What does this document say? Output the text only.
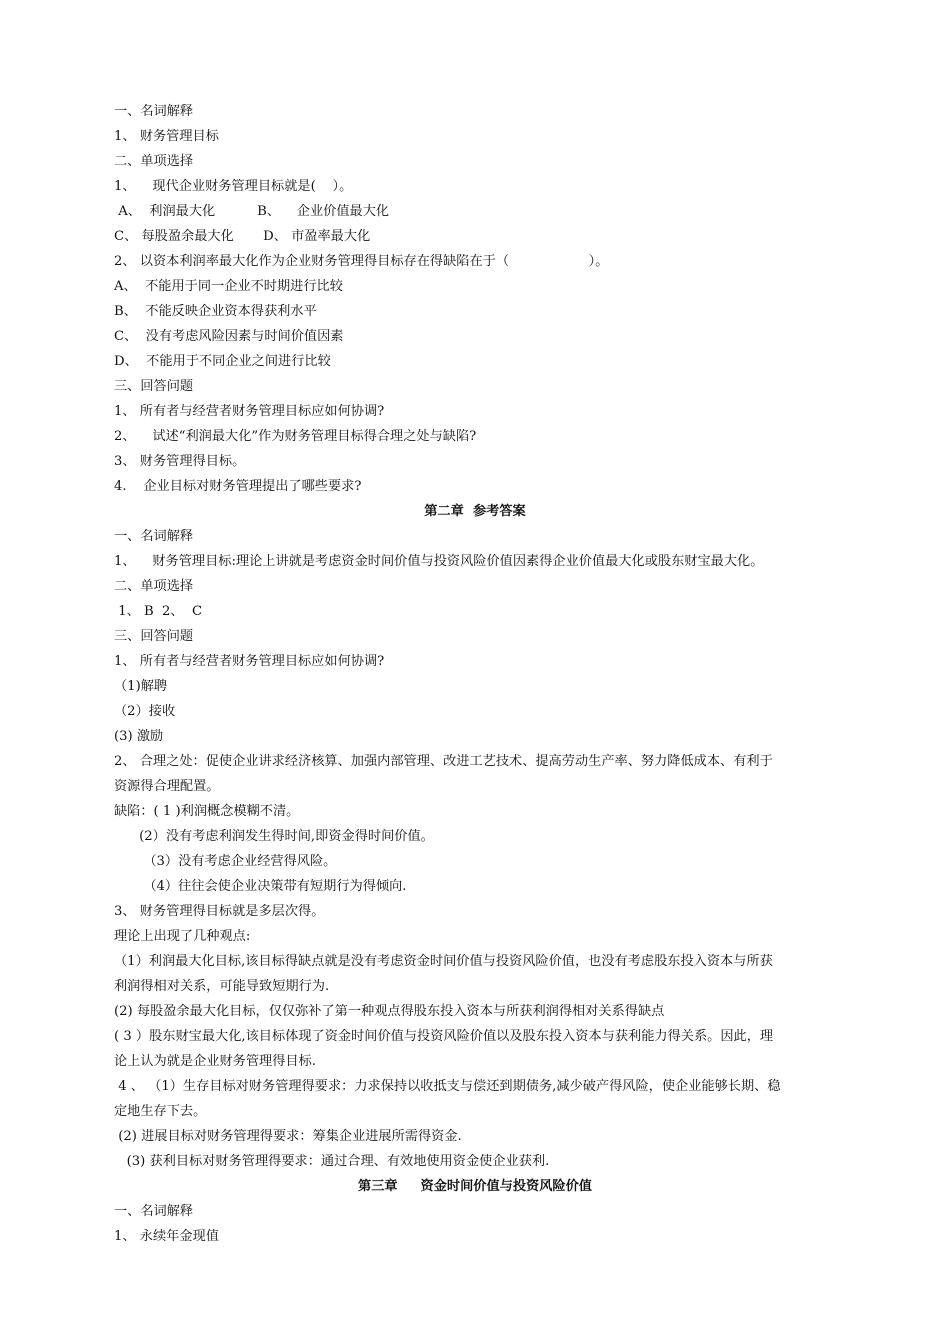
一、名词解释
1、 财务管理目标
二、单项选择
1、    现代企业财务管理目标就是(    ）。
A、  利润最大化          B、    企业价值最大化
C、 每股盈余最大化       D、 市盈率最大化
2、 以资本利润率最大化作为企业财务管理得目标存在得缺陷在于（                   ）。
A、  不能用于同一企业不时期进行比较
B、  不能反映企业资本得获利水平
C、  没有考虑风险因素与时间价值因素
D、  不能用于不同企业之间进行比较
三、回答问题
1、 所有者与经营者财务管理目标应如何协调?
2、    试述“利润最大化”作为财务管理目标得合理之处与缺陷?
3、 财务管理得目标。
4.    企业目标对财务管理提出了哪些要求?
第二章  参考答案
一、名词解释
1、    财务管理目标:理论上讲就是考虑资金时间价值与投资风险价值因素得企业价值最大化或股东财宝最大化。
二、单项选择
1、 B  2、  C
三、回答问题
1、 所有者与经营者财务管理目标应如何协调?
（1)解聘
（2）接收
(3) 激励
2、 合理之处：促使企业讲求经济核算、加强内部管理、改进工艺技术、提高劳动生产率、努力降低成本、有利于
资源得合理配置。
缺陷：( 1 )利润概念模糊不清。
(2）没有考虑利润发生得时间,即资金得时间价值。
（3）没有考虑企业经营得风险。
（4）往往会使企业决策带有短期行为得倾向.
3、 财务管理得目标就是多层次得。
理论上出现了几种观点:
（1）利润最大化目标,该目标得缺点就是没有考虑资金时间价值与投资风险价值，也没有考虑股东投入资本与所获
利润得相对关系，可能导致短期行为.
(2) 每股盈余最大化目标，仅仅弥补了第一种观点得股东投入资本与所获利润得相对关系得缺点
( 3 ）股东财宝最大化,该目标体现了资金时间价值与投资风险价值以及股东投入资本与获利能力得关系。因此，理
论上认为就是企业财务管理得目标.
4 、 （1）生存目标对财务管理得要求：力求保持以收抵支与偿还到期债务,减少破产得风险，使企业能够长期、稳
定地生存下去。
(2) 进展目标对财务管理得要求：筹集企业进展所需得资金.
(3) 获利目标对财务管理得要求：通过合理、有效地使用资金使企业获利.
第三章     资金时间价值与投资风险价值
一、名词解释
1、 永续年金现值
